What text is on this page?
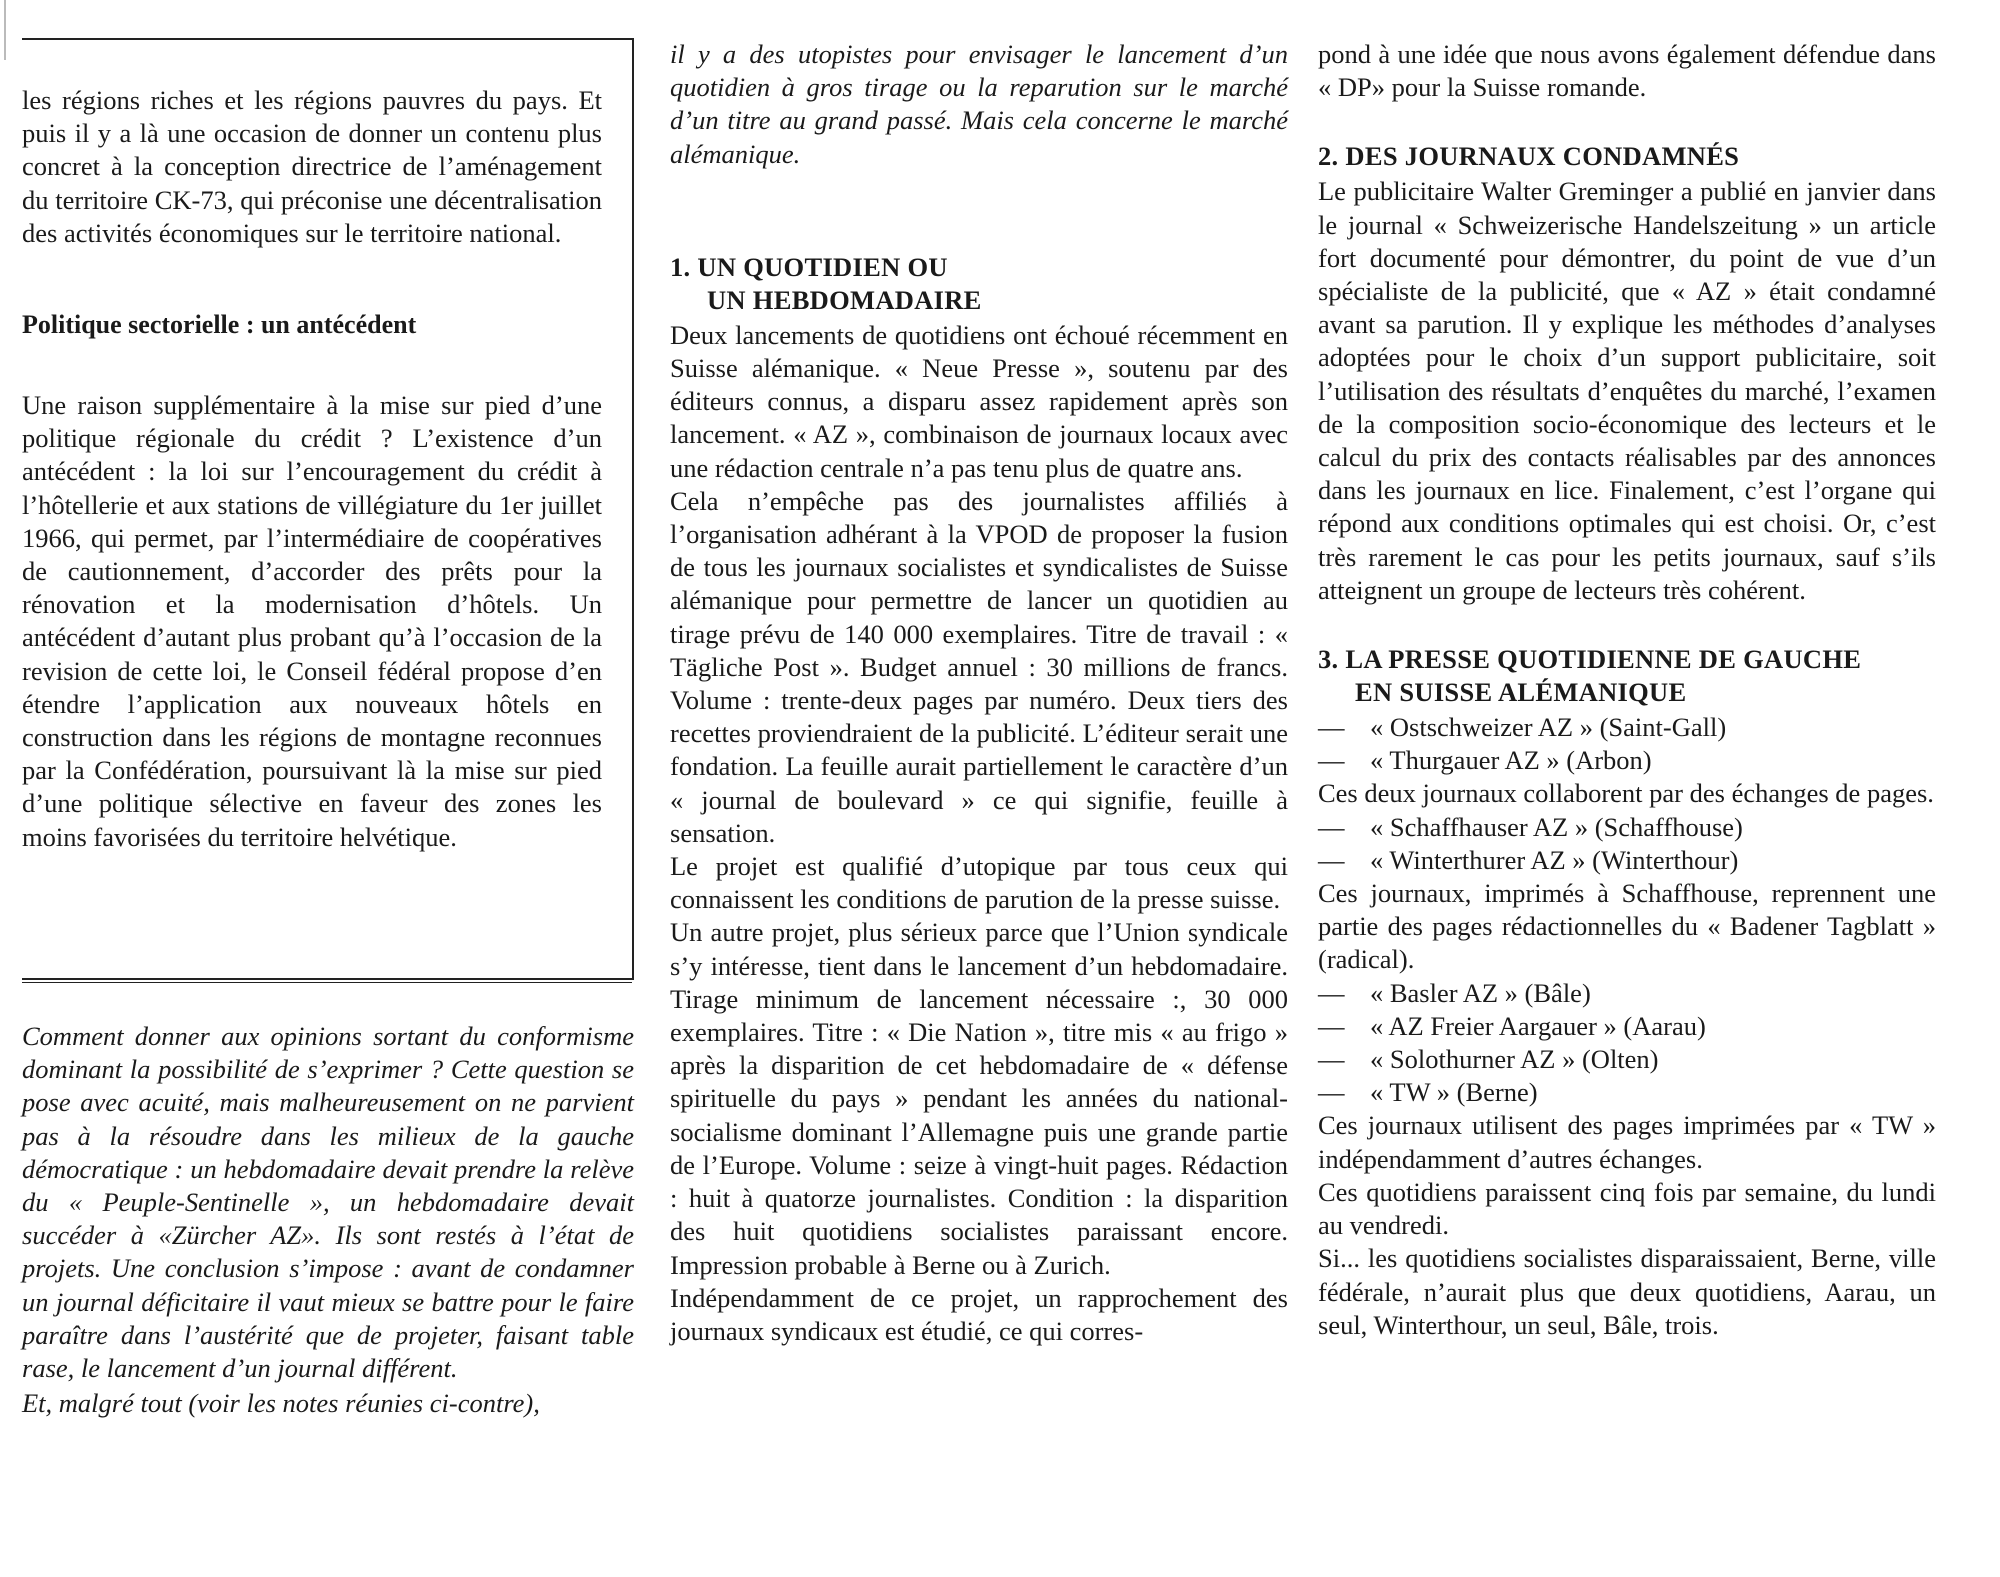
les régions riches et les régions pauvres du pays. Et puis il y a là une occasion de donner un contenu plus concret à la conception directrice de l’aménagement du territoire CK-73, qui préconise une décentralisation des activités économiques sur le territoire national.

Politique sectorielle : un antécédent

Une raison supplémentaire à la mise sur pied d’une politique régionale du crédit ? L’existence d’un antécédent : la loi sur l’encouragement du crédit à l’hôtellerie et aux stations de villégiature du 1er juillet 1966, qui permet, par l’intermédiaire de coopératives de cautionnement, d’accorder des prêts pour la rénovation et la modernisation d’hôtels. Un antécédent d’autant plus probant qu’à l’occasion de la revision de cette loi, le Conseil fédéral propose d’en étendre l’application aux nouveaux hôtels en construction dans les régions de montagne reconnues par la Confédération, poursuivant là la mise sur pied d’une politique sélective en faveur des zones les moins favorisées du territoire helvétique.

Comment donner aux opinions sortant du conformisme dominant la possibilité de s’exprimer ? Cette question se pose avec acuité, mais malheureusement on ne parvient pas à la résoudre dans les milieux de la gauche démocratique : un hebdomadaire devait prendre la relève du « Peuple-Sentinelle », un hebdomadaire devait succéder à «Zürcher AZ». Ils sont restés à l’état de projets. Une conclusion s’impose : avant de condamner un journal déficitaire il vaut mieux se battre pour le faire paraître dans l’austérité que de projeter, faisant table rase, le lancement d’un journal différent.

Et, malgré tout (voir les notes réunies ci-contre),

il y a des utopistes pour envisager le lancement d’un quotidien à gros tirage ou la reparution sur le marché d’un titre au grand passé. Mais cela concerne le marché alémanique.

1. UN QUOTIDIEN OU
UN HEBDOMADAIRE

Deux lancements de quotidiens ont échoué récemment en Suisse alémanique. « Neue Presse », soutenu par des éditeurs connus, a disparu assez rapidement après son lancement. « AZ », combinaison de journaux locaux avec une rédaction centrale n’a pas tenu plus de quatre ans.

Cela n’empêche pas des journalistes affiliés à l’organisation adhérant à la VPOD de proposer la fusion de tous les journaux socialistes et syndicalistes de Suisse alémanique pour permettre de lancer un quotidien au tirage prévu de 140 000 exemplaires. Titre de travail : « Tägliche Post ». Budget annuel : 30 millions de francs. Volume : trente-deux pages par numéro. Deux tiers des recettes proviendraient de la publicité. L’éditeur serait une fondation. La feuille aurait partiellement le caractère d’un « journal de boulevard » ce qui signifie, feuille à sensation.

Le projet est qualifié d’utopique par tous ceux qui connaissent les conditions de parution de la presse suisse.

Un autre projet, plus sérieux parce que l’Union syndicale s’y intéresse, tient dans le lancement d’un hebdomadaire. Tirage minimum de lancement nécessaire :, 30 000 exemplaires. Titre : « Die Nation », titre mis « au frigo » après la disparition de cet hebdomadaire de « défense spirituelle du pays » pendant les années du national-socialisme dominant l’Allemagne puis une grande partie de l’Europe. Volume : seize à vingt-huit pages. Rédaction : huit à quatorze journalistes. Condition : la disparition des huit quotidiens socialistes paraissant encore. Impression probable à Berne ou à Zurich.

Indépendamment de ce projet, un rapprochement des journaux syndicaux est étudié, ce qui corres-

pond à une idée que nous avons également défendue dans « DP» pour la Suisse romande.

2. DES JOURNAUX CONDAMNÉS

Le publicitaire Walter Greminger a publié en janvier dans le journal « Schweizerische Handelszeitung » un article fort documenté pour démontrer, du point de vue d’un spécialiste de la publicité, que « AZ » était condamné avant sa parution. Il y explique les méthodes d’analyses adoptées pour le choix d’un support publicitaire, soit l’utilisation des résultats d’enquêtes du marché, l’examen de la composition socio-économique des lecteurs et le calcul du prix des contacts réalisables par des annonces dans les journaux en lice. Finalement, c’est l’organe qui répond aux conditions optimales qui est choisi. Or, c’est très rarement le cas pour les petits journaux, sauf s’ils atteignent un groupe de lecteurs très cohérent.

3. LA PRESSE QUOTIDIENNE DE GAUCHE
EN SUISSE ALÉMANIQUE

— « Ostschweizer AZ » (Saint-Gall)

— « Thurgauer AZ » (Arbon)

Ces deux journaux collaborent par des échanges de pages.

— « Schaffhauser AZ » (Schaffhouse)

— « Winterthurer AZ » (Winterthour)

Ces journaux, imprimés à Schaffhouse, reprennent une partie des pages rédactionnelles du « Badener Tagblatt » (radical).

— « Basler AZ » (Bâle)

— « AZ Freier Aargauer » (Aarau)

— « Solothurner AZ » (Olten)

— « TW » (Berne)

Ces journaux utilisent des pages imprimées par « TW » indépendamment d’autres échanges.

Ces quotidiens paraissent cinq fois par semaine, du lundi au vendredi.

Si... les quotidiens socialistes disparaissaient, Berne, ville fédérale, n’aurait plus que deux quotidiens, Aarau, un seul, Winterthour, un seul, Bâle, trois.
